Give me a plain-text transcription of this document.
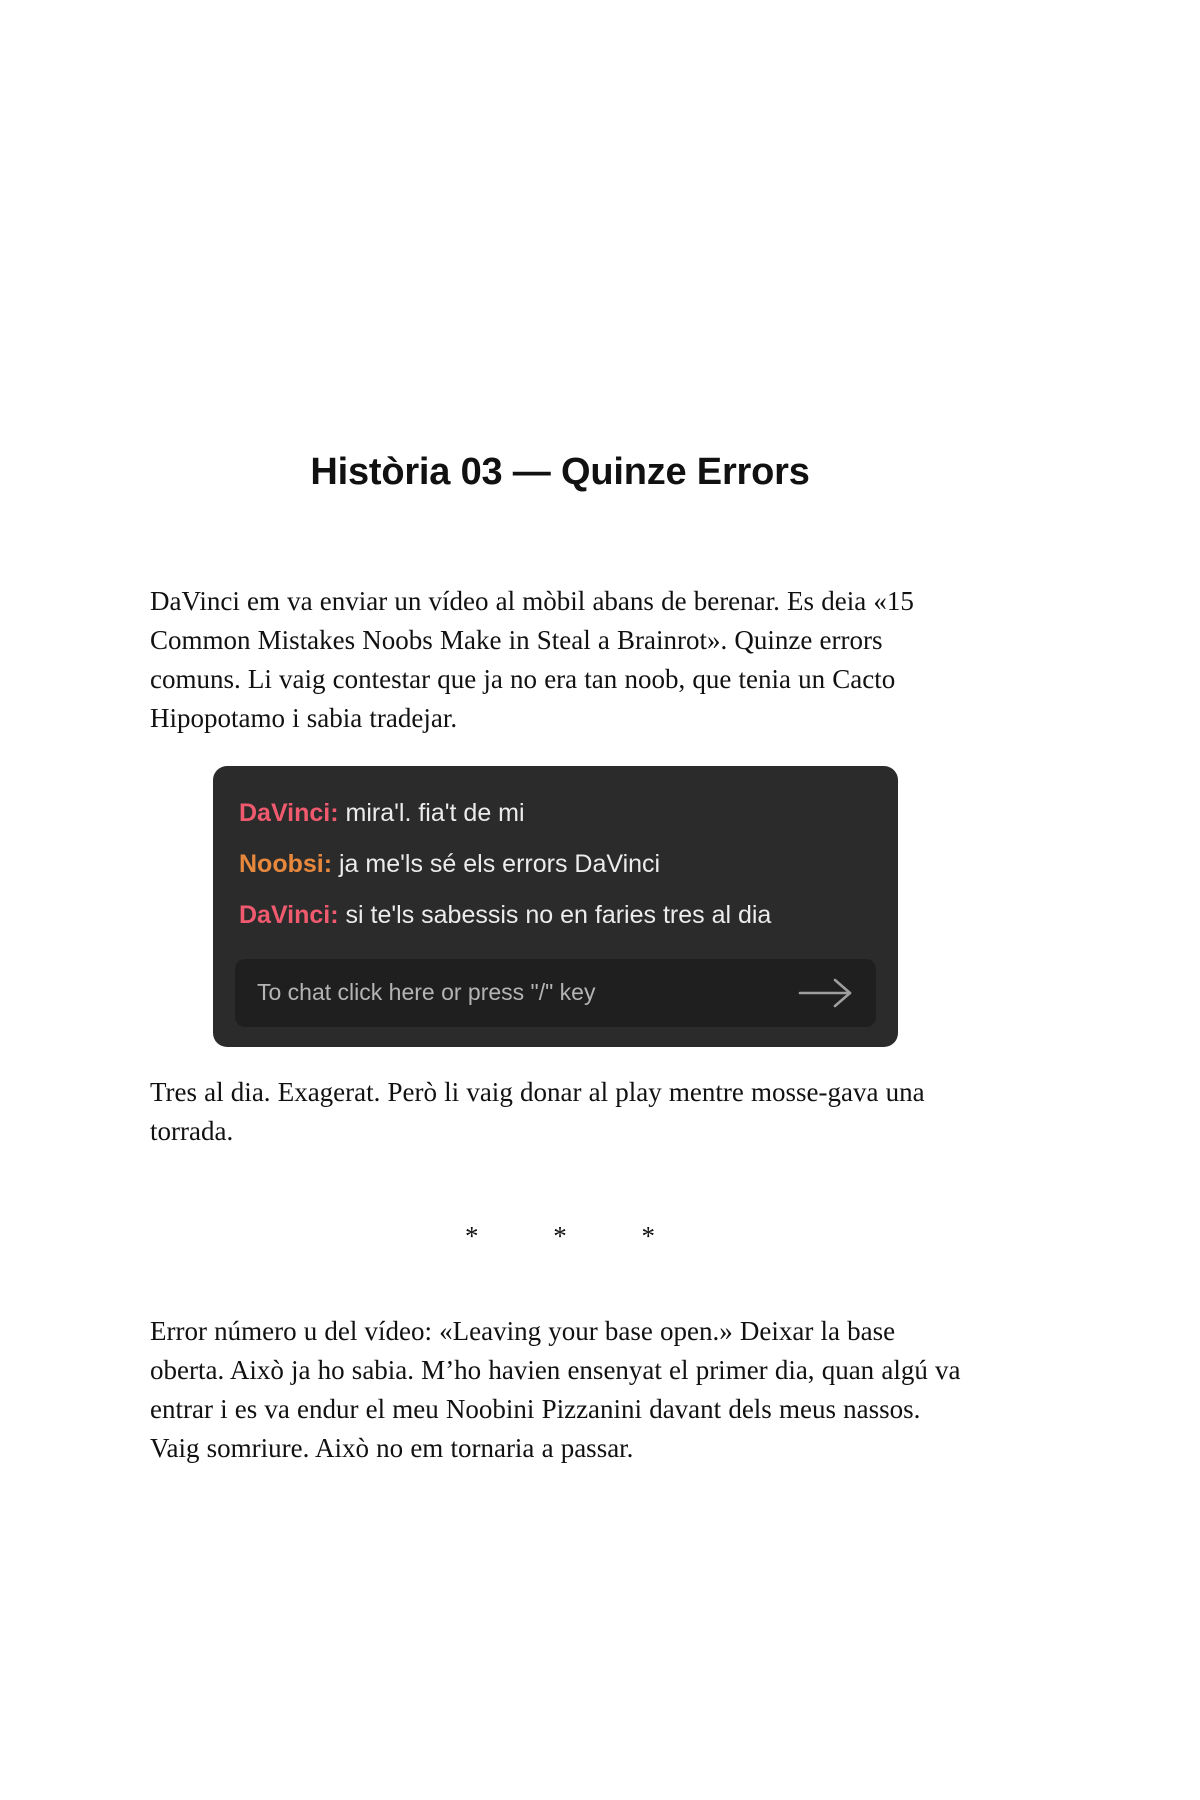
Història 03 — Quinze Errors

DaVinci em va enviar un vídeo al mòbil abans de berenar. Es deia «15 Common Mistakes Noobs Make in Steal a Brainrot». Quinze errors comuns. Li vaig contestar que ja no era tan noob, que tenia un Cacto Hipopotamo i sabia tradejar.

DaVinci: mira'l. fia't de mi
Noobsi: ja me'ls sé els errors DaVinci
DaVinci: si te'ls sabessis no en faries tres al dia
To chat click here or press "/" key

Tres al dia. Exagerat. Però li vaig donar al play mentre mosse-gava una torrada.

* * *

Error número u del vídeo: «Leaving your base open.» Deixar la base oberta. Això ja ho sabia. M’ho havien ensenyat el primer dia, quan algú va entrar i es va endur el meu Noobini Pizzanini davant dels meus nassos. Vaig somriure. Això no em tornaria a passar.
